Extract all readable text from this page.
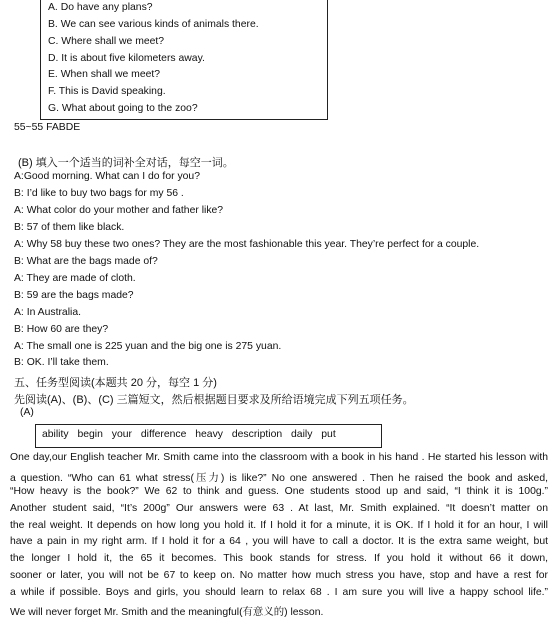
A. Do have any plans?
B. We can see various kinds of animals there.
C. Where shall we meet?
D. It is about five kilometers away.
E. When shall we meet?
F. This is David speaking.
G. What about going to the zoo?
55~55 FABDE
(B) 填入一个适当的词补全对话，每空一词。
A:Good morning. What can I do for you?
B: I’d like to buy two bags for my 56 .
A: What color do your mother and father like?
B: 57 of them like black.
A: Why 58 buy these two ones? They are the most fashionable this year. They’re perfect for a couple.
B: What are the bags made of?
A: They are made of cloth.
B: 59 are the bags made?
A: In Australia.
B: How 60 are they?
A: The small one is 225 yuan and the big one is 275 yuan.
B: OK. I’ll take them.
五、任务型阅读(本题共 20 分，每空 1 分)
先阅读(A)、(B)、(C) 三篇短文，然后根据题目要求及所给语境完成下列五项任务。
(A)
ability begin your difference heavy description daily put
One day,our English teacher Mr. Smith came into the classroom with a book in his hand . He started his lesson with
a question. “Who can 61 what stress(压力) is like?” No one answered . Then he raised the book and asked,
“How heavy is the book?” We 62 to think and guess. One students stood up and said, “I think it is 100g.”
Another student said, “It’s 200g” Our answers were 63 . At last, Mr. Smith explained. “It doesn’t matter on
the real weight. It depends on how long you hold it. If I hold it for a minute, it is OK. If I hold it for an hour, I will
have a pain in my right arm. If I hold it for a 64 , you will have to call a doctor. It is the extra same weight, but
the longer I hold it, the 65 it becomes. This book stands for stress. If you hold it without 66 it down,
sooner or later, you will not be 67 to keep on. No matter how much stress you have, stop and have a rest for
a while if possible. Boys and girls, you should learn to relax 68 . I am sure you will live a happy school life.”
We will never forget Mr. Smith and the meaningful(有意义的) lesson.
